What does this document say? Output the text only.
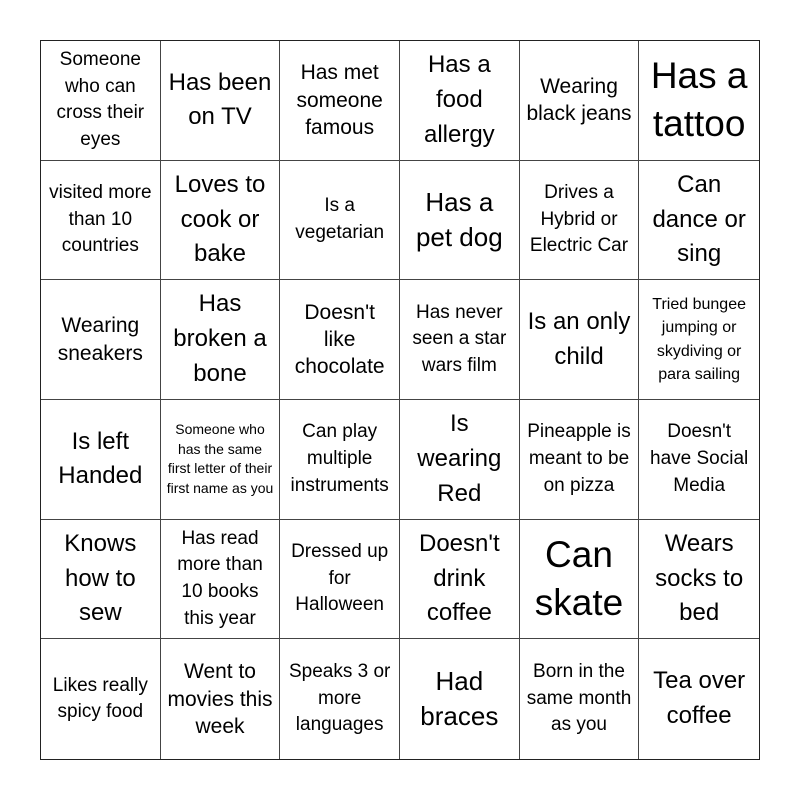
Someone who can cross their eyes
Has been on TV
Has met someone famous
Has a food allergy
Wearing black jeans
Has a tattoo
visited more than 10 countries
Loves to cook or bake
Is a vegetarian
Has a pet dog
Drives a Hybrid or Electric Car
Can dance or sing
Wearing sneakers
Has broken a bone
Doesn't like chocolate
Has never seen a star wars film
Is an only child
Tried bungee jumping or skydiving or para sailing
Is left Handed
Someone who has the same first letter of their first name as you
Can play multiple instruments
Is wearing Red
Pineapple is meant to be on pizza
Doesn't have Social Media
Knows how to sew
Has read more than 10 books this year
Dressed up for Halloween
Doesn't drink coffee
Can skate
Wears socks to bed
Likes really spicy food
Went to movies this week
Speaks 3 or more languages
Had braces
Born in the same month as you
Tea over coffee
